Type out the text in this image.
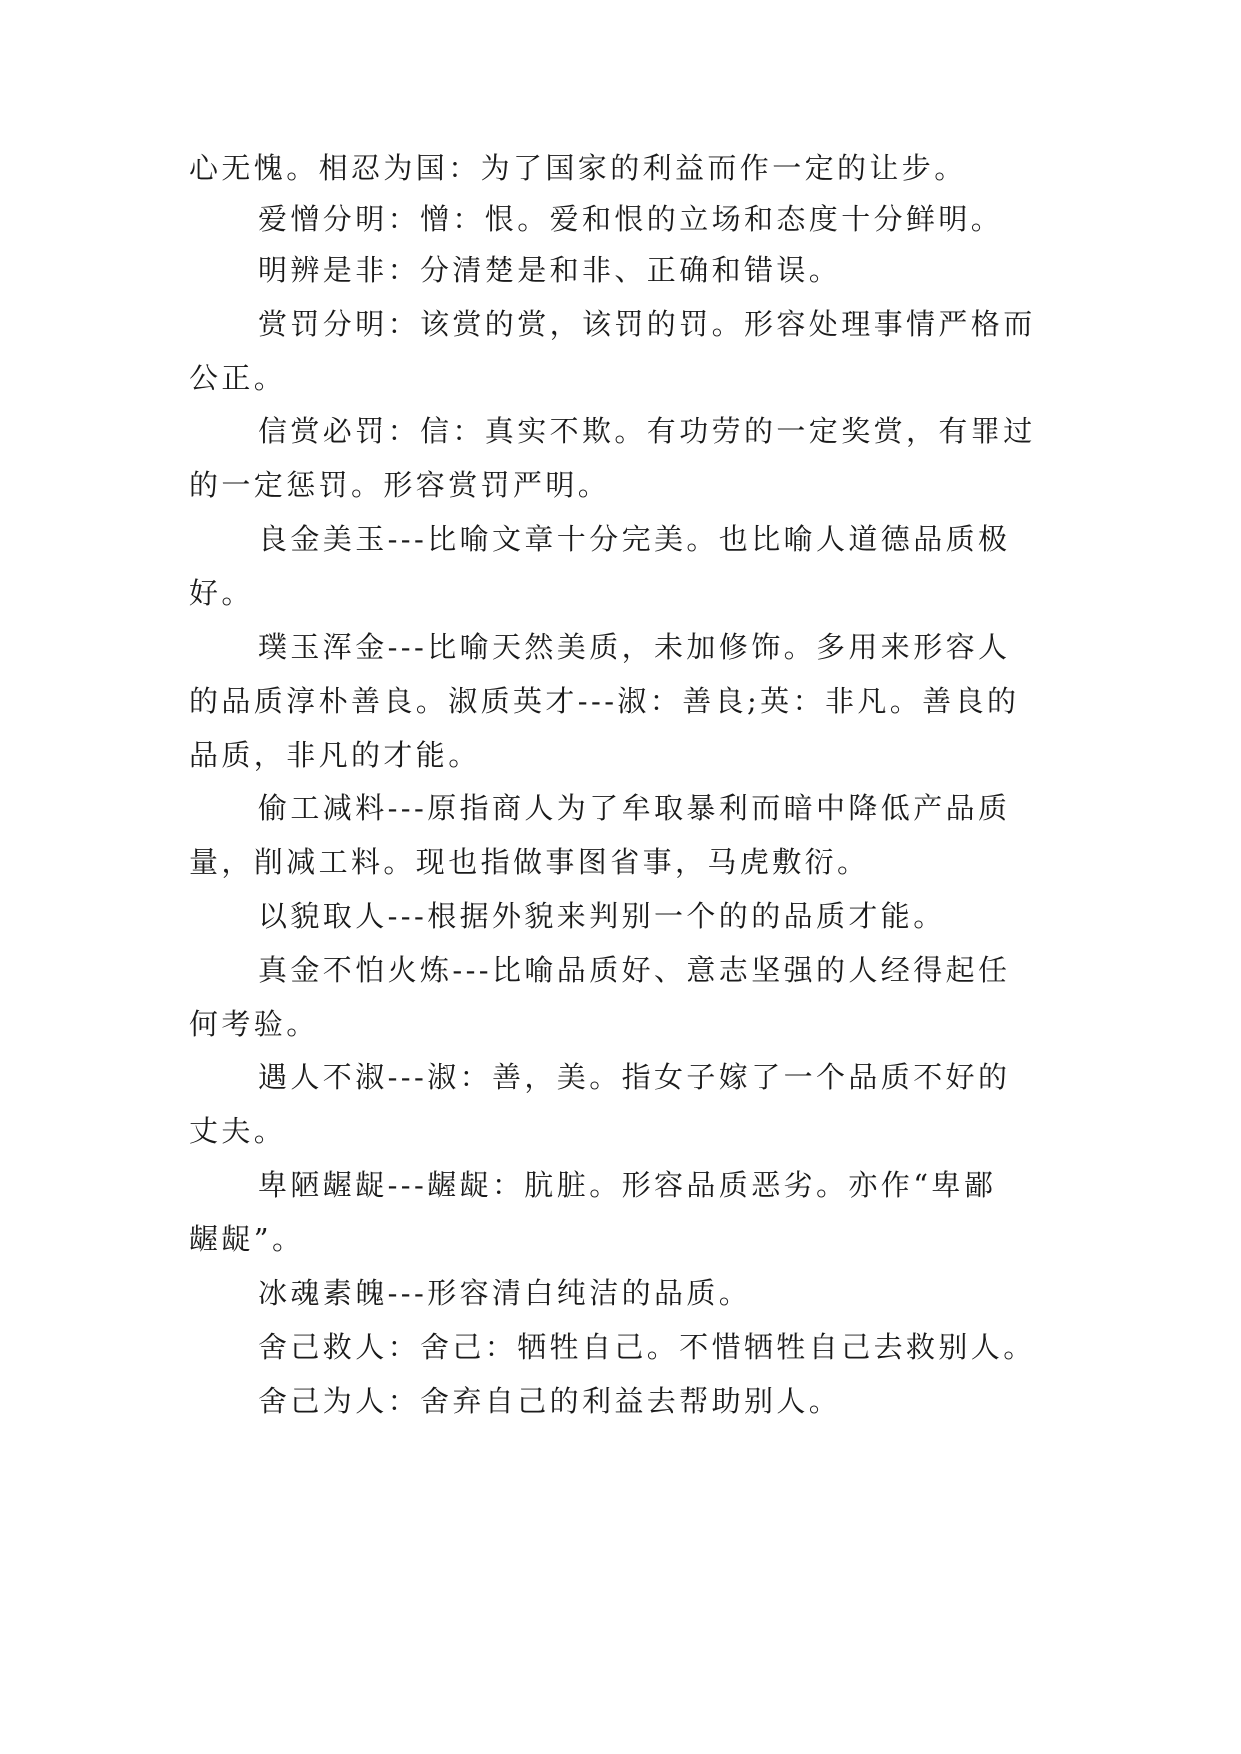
心无愧。相忍为国：为了国家的利益而作一定的让步。

爱憎分明：憎：恨。爱和恨的立场和态度十分鲜明。

明辨是非：分清楚是和非、正确和错误。

赏罚分明：该赏的赏，该罚的罚。形容处理事情严格而

公正。

信赏必罚：信：真实不欺。有功劳的一定奖赏，有罪过

的一定惩罚。形容赏罚严明。

良金美玉---比喻文章十分完美。也比喻人道德品质极

好。

璞玉浑金---比喻天然美质，未加修饰。多用来形容人

的品质淳朴善良。淑质英才---淑：善良;英：非凡。善良的

品质，非凡的才能。

偷工减料---原指商人为了牟取暴利而暗中降低产品质

量，削减工料。现也指做事图省事，马虎敷衍。

以貌取人---根据外貌来判别一个的的品质才能。

真金不怕火炼---比喻品质好、意志坚强的人经得起任

何考验。

遇人不淑---淑：善，美。指女子嫁了一个品质不好的

丈夫。

卑陋龌龊---龌龊：肮脏。形容品质恶劣。亦作“卑鄙

龌龊”。

冰魂素魄---形容清白纯洁的品质。

舍己救人：舍己：牺牲自己。不惜牺牲自己去救别人。

舍己为人：舍弃自己的利益去帮助别人。
